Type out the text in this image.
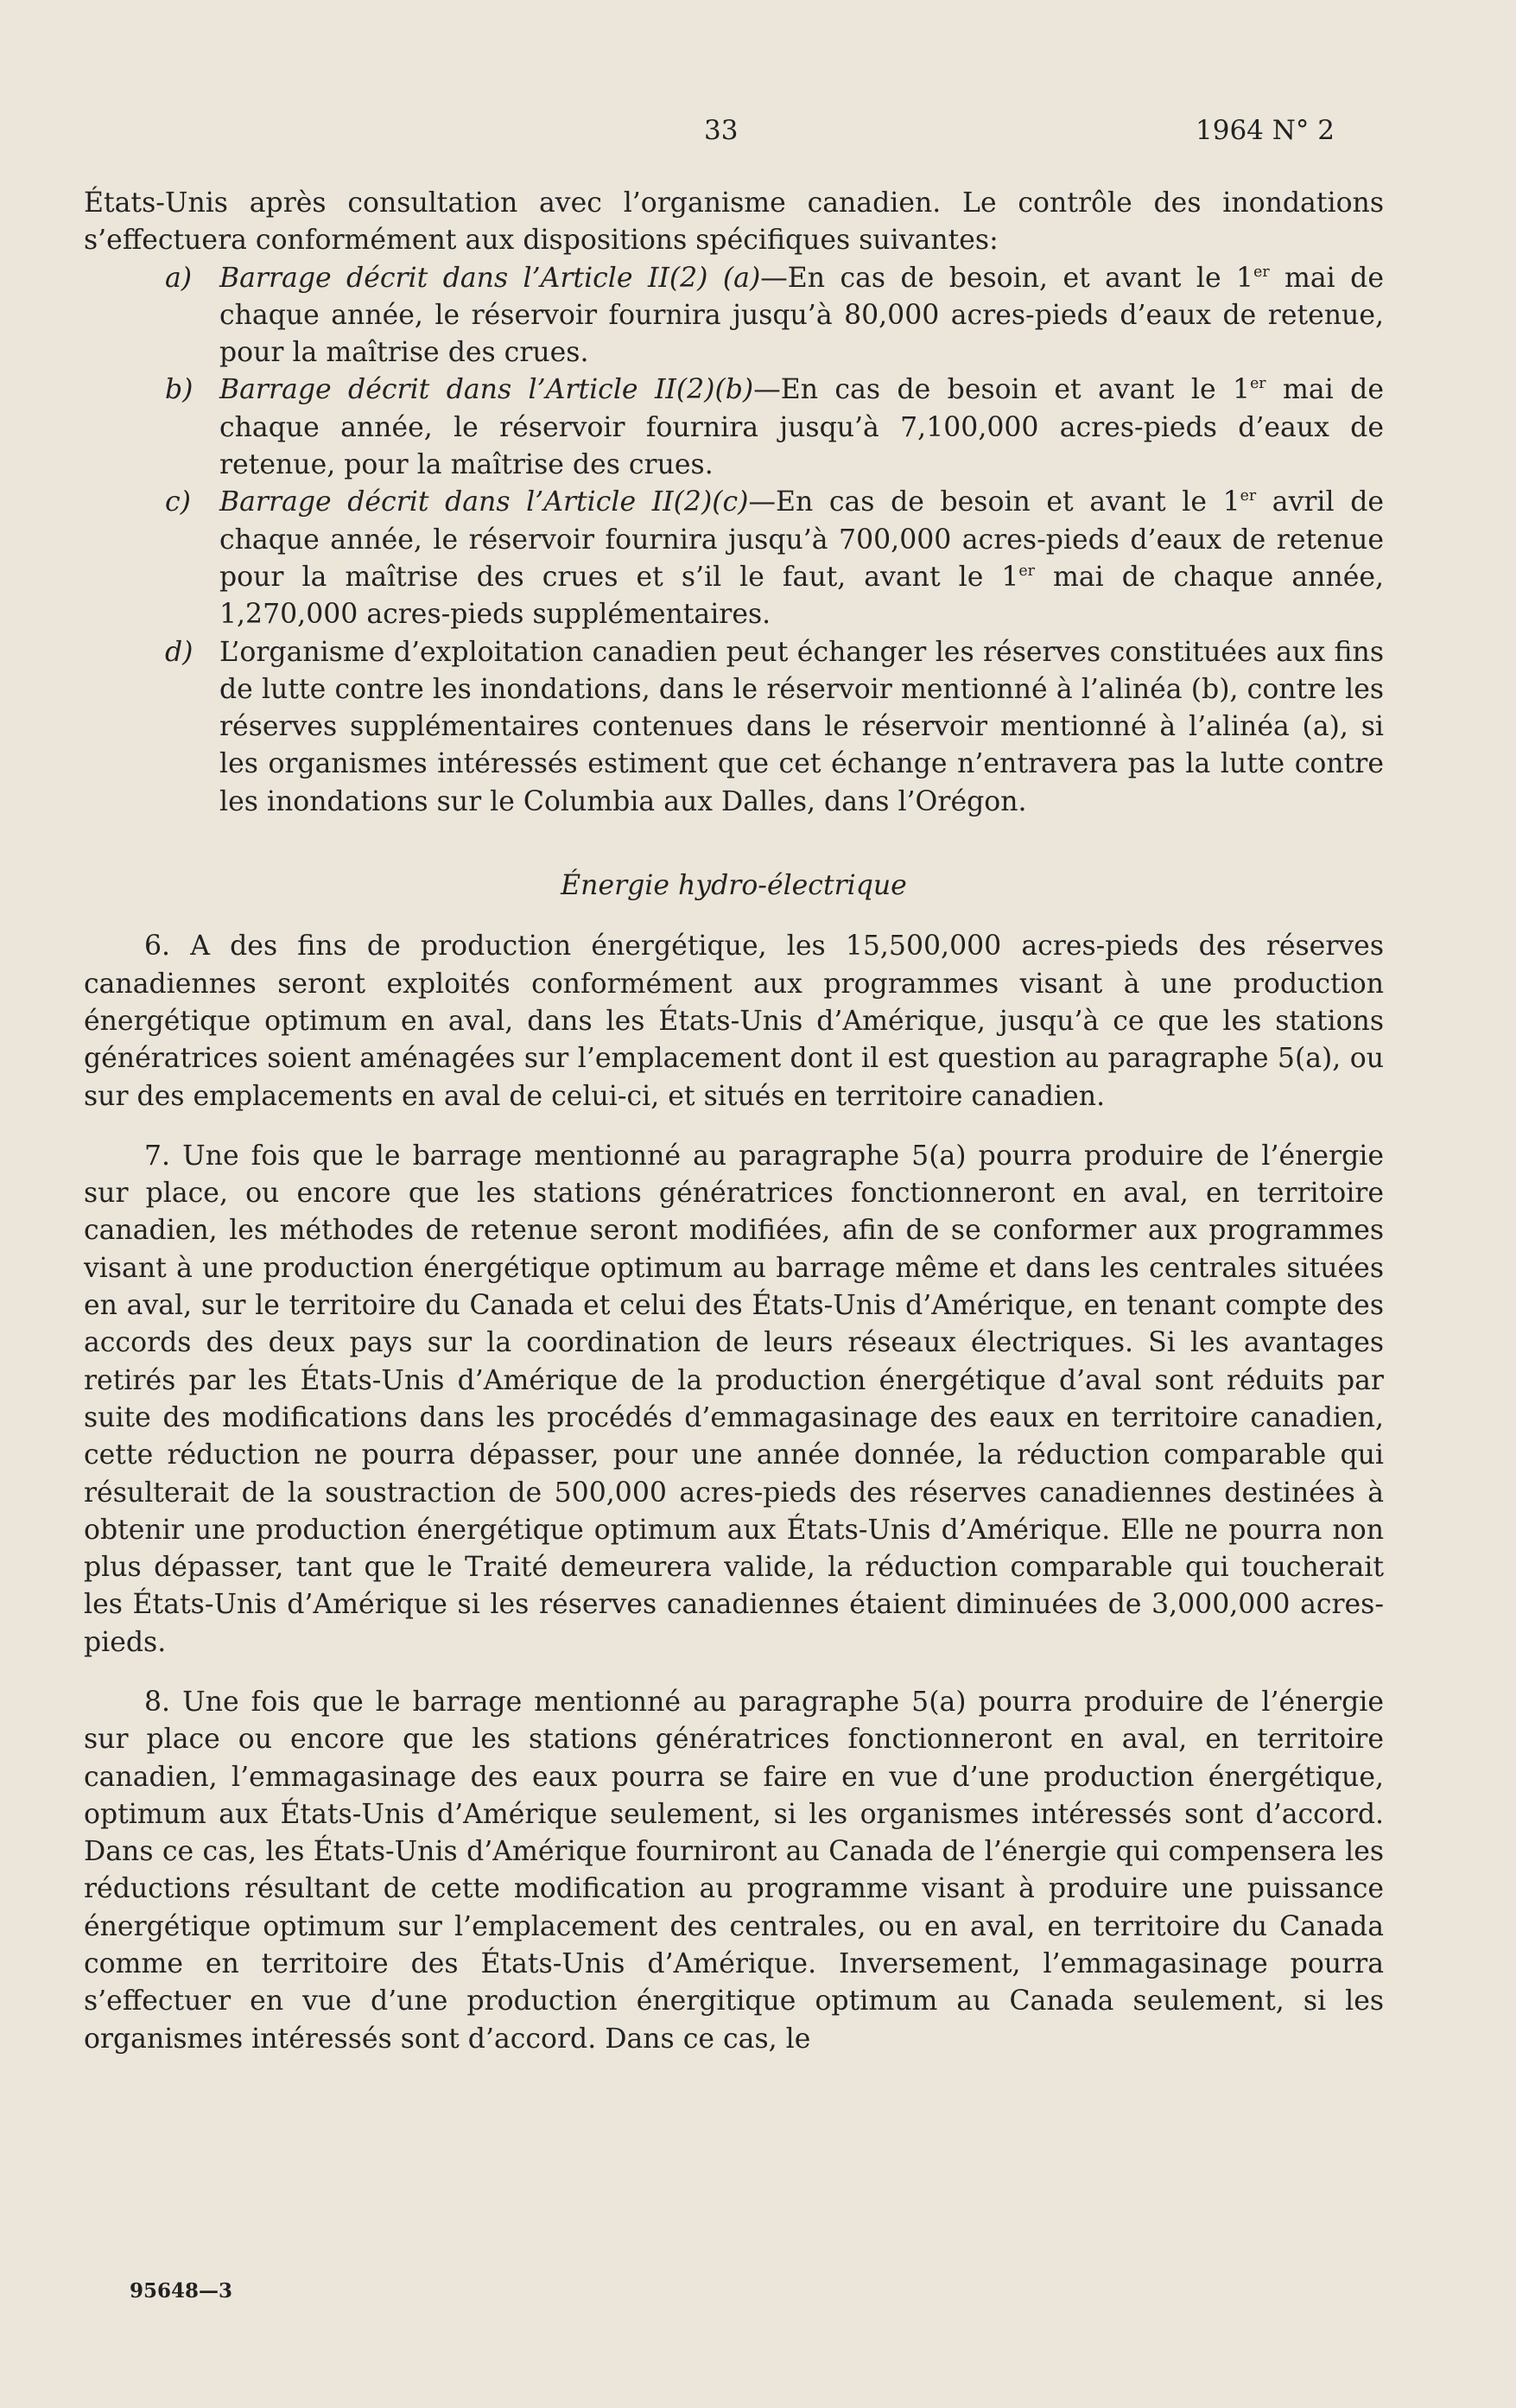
33	1964 N° 2

États-Unis après consultation avec l’organisme canadien. Le contrôle des inondations s’effectuera conformément aux dispositions spécifiques suivantes:

a) Barrage décrit dans l’Article II(2) (a)—En cas de besoin, et avant le 1er mai de chaque année, le réservoir fournira jusqu’à 80,000 acres-pieds d’eaux de retenue, pour la maîtrise des crues.

b) Barrage décrit dans l’Article II(2)(b)—En cas de besoin et avant le 1er mai de chaque année, le réservoir fournira jusqu’à 7,100,000 acres-pieds d’eaux de retenue, pour la maîtrise des crues.

c) Barrage décrit dans l’Article II(2)(c)—En cas de besoin et avant le 1er avril de chaque année, le réservoir fournira jusqu’à 700,000 acres-pieds d’eaux de retenue pour la maîtrise des crues et s’il le faut, avant le 1er mai de chaque année, 1,270,000 acres-pieds supplémentaires.

d) L’organisme d’exploitation canadien peut échanger les réserves constituées aux fins de lutte contre les inondations, dans le réservoir mentionné à l’alinéa (b), contre les réserves supplémentaires contenues dans le réservoir mentionné à l’alinéa (a), si les organismes intéressés estiment que cet échange n’entravera pas la lutte contre les inondations sur le Columbia aux Dalles, dans l’Orégon.

Énergie hydro-électrique

6. A des fins de production énergétique, les 15,500,000 acres-pieds des réserves canadiennes seront exploités conformément aux programmes visant à une production énergétique optimum en aval, dans les États-Unis d’Amérique, jusqu’à ce que les stations génératrices soient aménagées sur l’emplacement dont il est question au paragraphe 5(a), ou sur des emplacements en aval de celui-ci, et situés en territoire canadien.

7. Une fois que le barrage mentionné au paragraphe 5(a) pourra produire de l’énergie sur place, ou encore que les stations génératrices fonctionneront en aval, en territoire canadien, les méthodes de retenue seront modifiées, afin de se conformer aux programmes visant à une production énergétique optimum au barrage même et dans les centrales situées en aval, sur le territoire du Canada et celui des États-Unis d’Amérique, en tenant compte des accords des deux pays sur la coordination de leurs réseaux électriques. Si les avantages retirés par les États-Unis d’Amérique de la production énergétique d’aval sont réduits par suite des modifications dans les procédés d’emmagasinage des eaux en territoire canadien, cette réduction ne pourra dépasser, pour une année donnée, la réduction comparable qui résulterait de la soustraction de 500,000 acres-pieds des réserves canadiennes destinées à obtenir une production énergétique optimum aux États-Unis d’Amérique. Elle ne pourra non plus dépasser, tant que le Traité demeurera valide, la réduction comparable qui toucherait les États-Unis d’Amérique si les réserves canadiennes étaient diminuées de 3,000,000 acres-pieds.

8. Une fois que le barrage mentionné au paragraphe 5(a) pourra produire de l’énergie sur place ou encore que les stations génératrices fonctionneront en aval, en territoire canadien, l’emmagasinage des eaux pourra se faire en vue d’une production énergétique, optimum aux États-Unis d’Amérique seulement, si les organismes intéressés sont d’accord. Dans ce cas, les États-Unis d’Amérique fourniront au Canada de l’énergie qui compensera les réductions résultant de cette modification au programme visant à produire une puissance énergétique optimum sur l’emplacement des centrales, ou en aval, en territoire du Canada comme en territoire des États-Unis d’Amérique. Inversement, l’emmagasinage pourra s’effectuer en vue d’une production énergitique optimum au Canada seulement, si les organismes intéressés sont d’accord. Dans ce cas, le

95648—3
